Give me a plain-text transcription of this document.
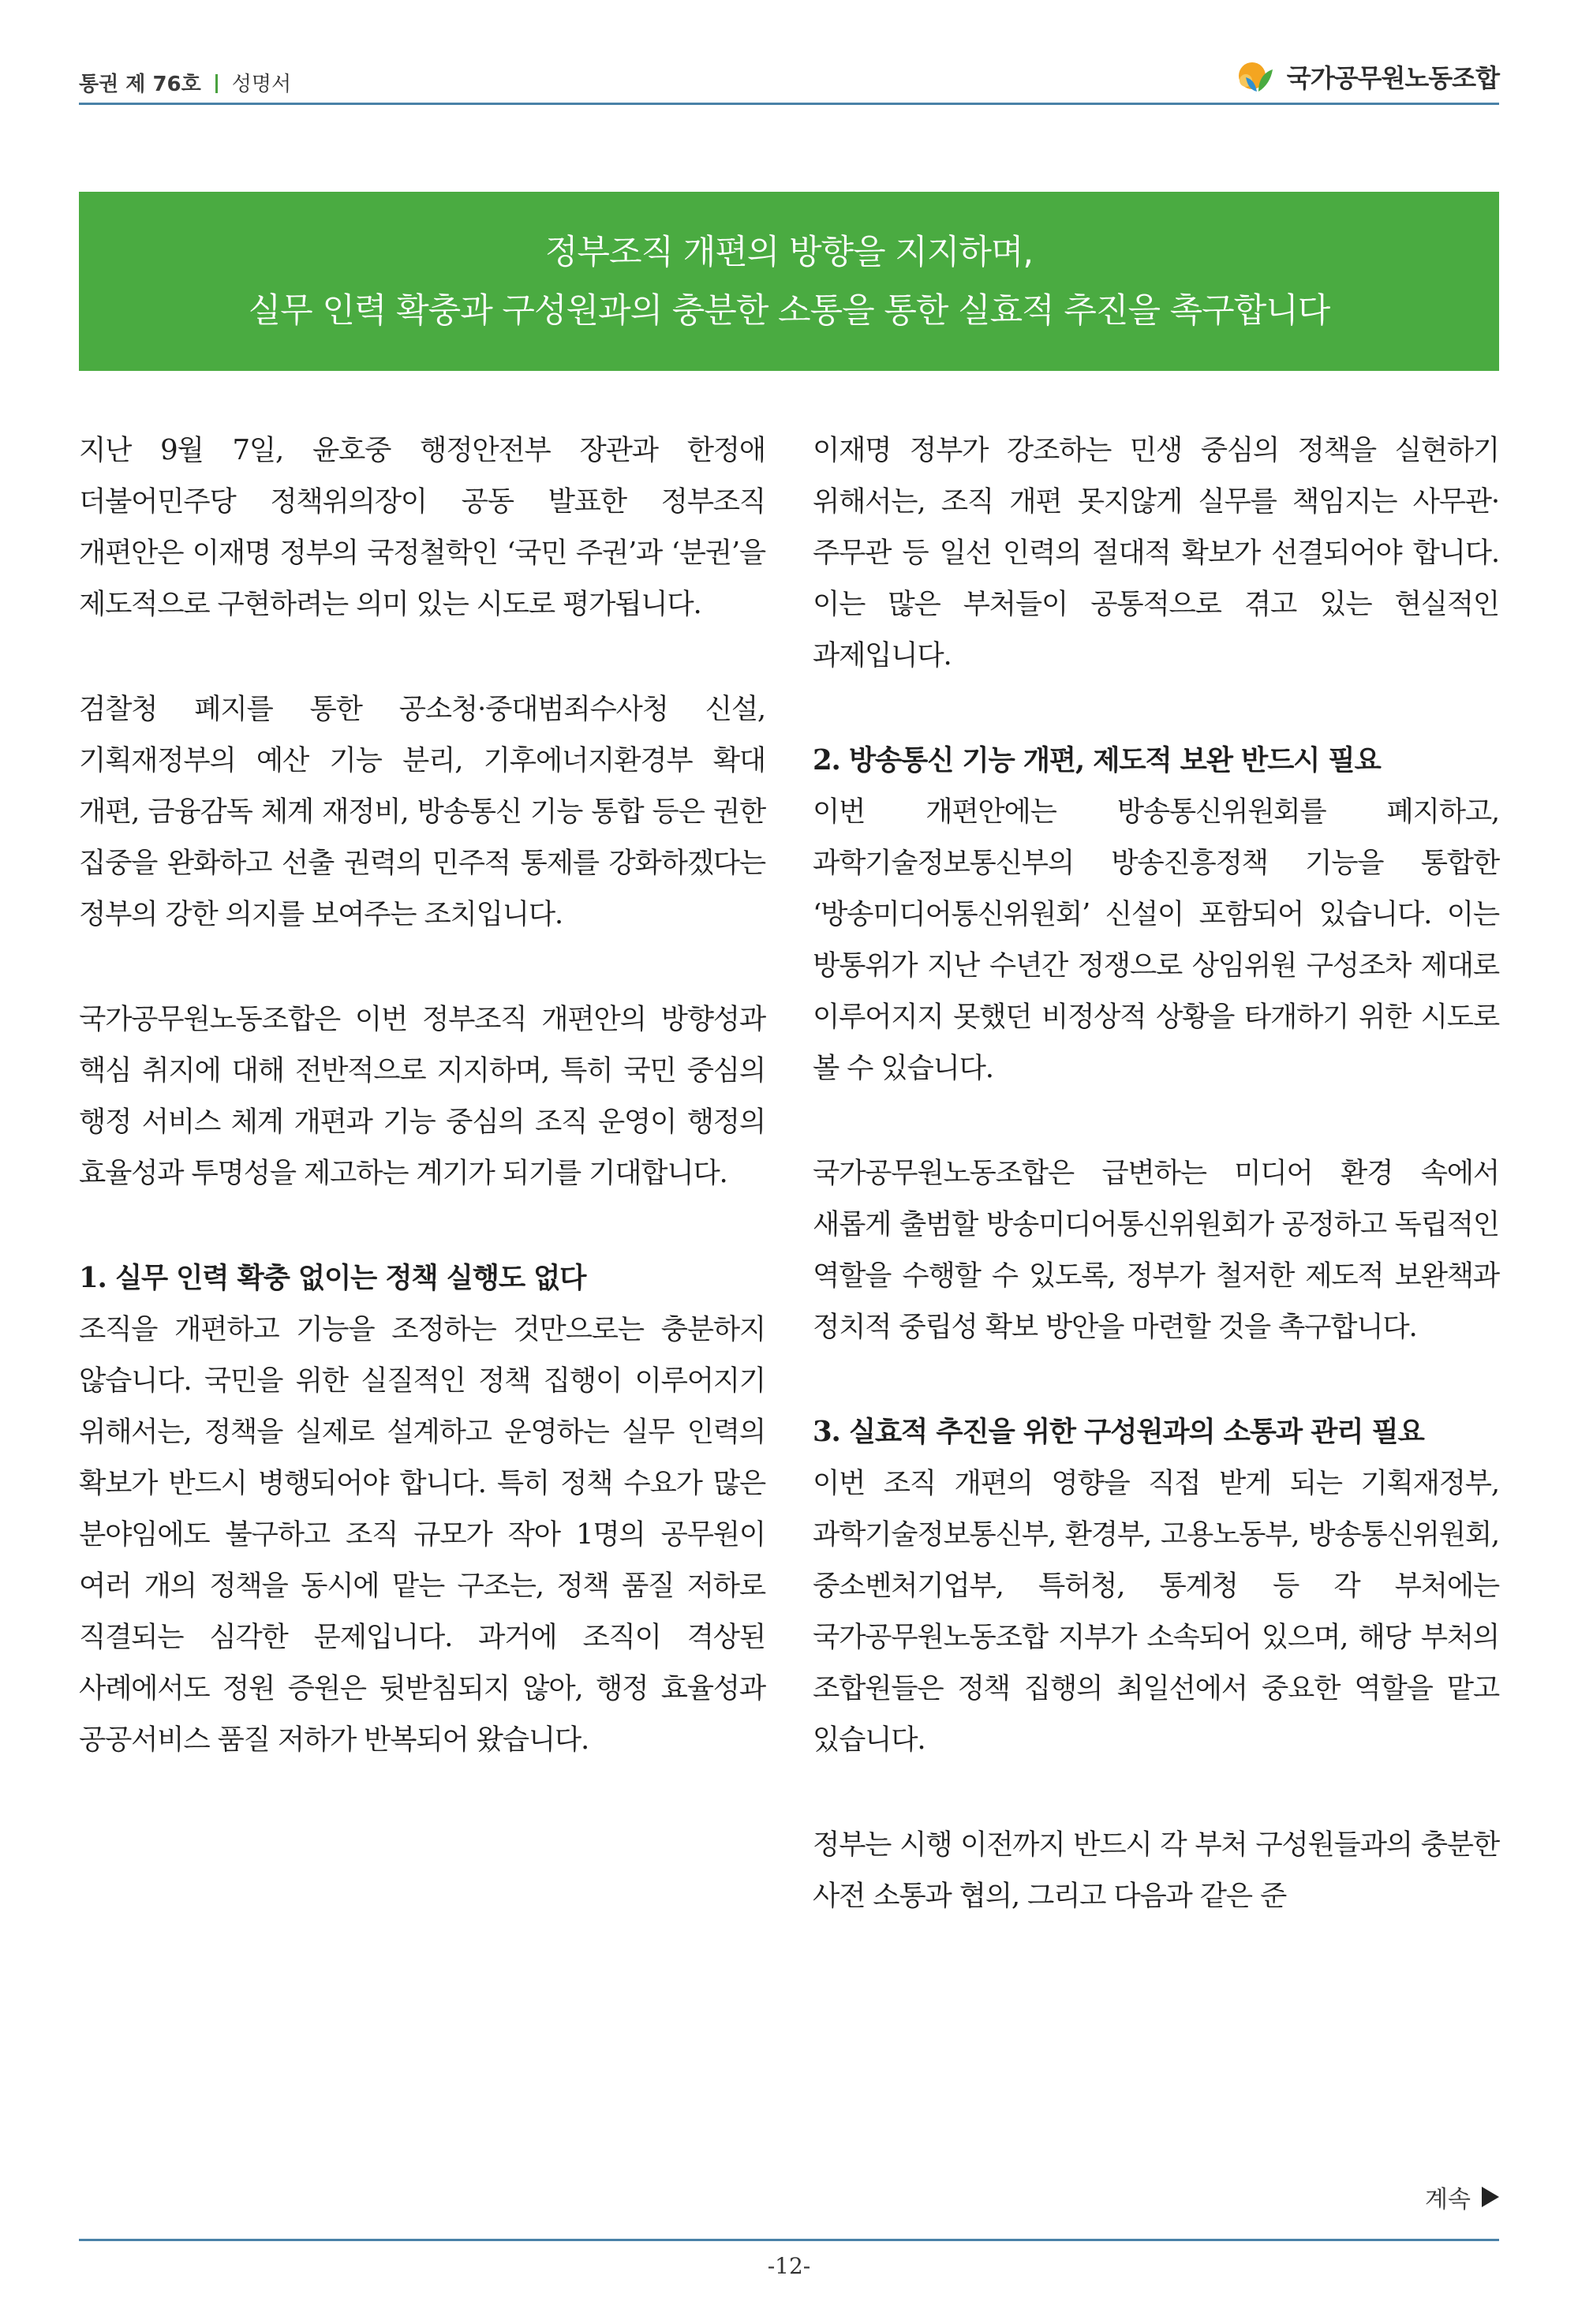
통권 제 76호 성명서	국가공무원노동조합
정부조직 개편의 방향을 지지하며,
실무 인력 확충과 구성원과의 충분한 소통을 통한 실효적 추진을 촉구합니다

지난 9월 7일, 윤호중 행정안전부 장관과 한정애 더불어민주당 정책위의장이 공동 발표한 정부조직 개편안은 이재명 정부의 국정철학인 ‘국민 주권’과 ‘분권’을 제도적으로 구현하려는 의미 있는 시도로 평가됩니다.

검찰청 폐지를 통한 공소청·중대범죄수사청 신설, 기획재정부의 예산 기능 분리, 기후에너지환경부 확대 개편, 금융감독 체계 재정비, 방송통신 기능 통합 등은 권한 집중을 완화하고 선출 권력의 민주적 통제를 강화하겠다는 정부의 강한 의지를 보여주는 조치입니다.

국가공무원노동조합은 이번 정부조직 개편안의 방향성과 핵심 취지에 대해 전반적으로 지지하며, 특히 국민 중심의 행정 서비스 체계 개편과 기능 중심의 조직 운영이 행정의 효율성과 투명성을 제고하는 계기가 되기를 기대합니다.

1. 실무 인력 확충 없이는 정책 실행도 없다

조직을 개편하고 기능을 조정하는 것만으로는 충분하지 않습니다. 국민을 위한 실질적인 정책 집행이 이루어지기 위해서는, 정책을 실제로 설계하고 운영하는 실무 인력의 확보가 반드시 병행되어야 합니다. 특히 정책 수요가 많은 분야임에도 불구하고 조직 규모가 작아 1명의 공무원이 여러 개의 정책을 동시에 맡는 구조는, 정책 품질 저하로 직결되는 심각한 문제입니다. 과거에 조직이 격상된 사례에서도 정원 증원은 뒷받침되지 않아, 행정 효율성과 공공서비스 품질 저하가 반복되어 왔습니다.

이재명 정부가 강조하는 민생 중심의 정책을 실현하기 위해서는, 조직 개편 못지않게 실무를 책임지는 사무관·주무관 등 일선 인력의 절대적 확보가 선결되어야 합니다. 이는 많은 부처들이 공통적으로 겪고 있는 현실적인 과제입니다.

2. 방송통신 기능 개편, 제도적 보완 반드시 필요

이번 개편안에는 방송통신위원회를 폐지하고, 과학기술정보통신부의 방송진흥정책 기능을 통합한 ‘방송미디어통신위원회’ 신설이 포함되어 있습니다. 이는 방통위가 지난 수년간 정쟁으로 상임위원 구성조차 제대로 이루어지지 못했던 비정상적 상황을 타개하기 위한 시도로 볼 수 있습니다.

국가공무원노동조합은 급변하는 미디어 환경 속에서 새롭게 출범할 방송미디어통신위원회가 공정하고 독립적인 역할을 수행할 수 있도록, 정부가 철저한 제도적 보완책과 정치적 중립성 확보 방안을 마련할 것을 촉구합니다.

3. 실효적 추진을 위한 구성원과의 소통과 관리 필요

이번 조직 개편의 영향을 직접 받게 되는 기획재정부, 과학기술정보통신부, 환경부, 고용노동부, 방송통신위원회, 중소벤처기업부, 특허청, 통계청 등 각 부처에는 국가공무원노동조합 지부가 소속되어 있으며, 해당 부처의 조합원들은 정책 집행의 최일선에서 중요한 역할을 맡고 있습니다.

정부는 시행 이전까지 반드시 각 부처 구성원들과의 충분한 사전 소통과 협의, 그리고 다음과 같은 준

계속
-12-
